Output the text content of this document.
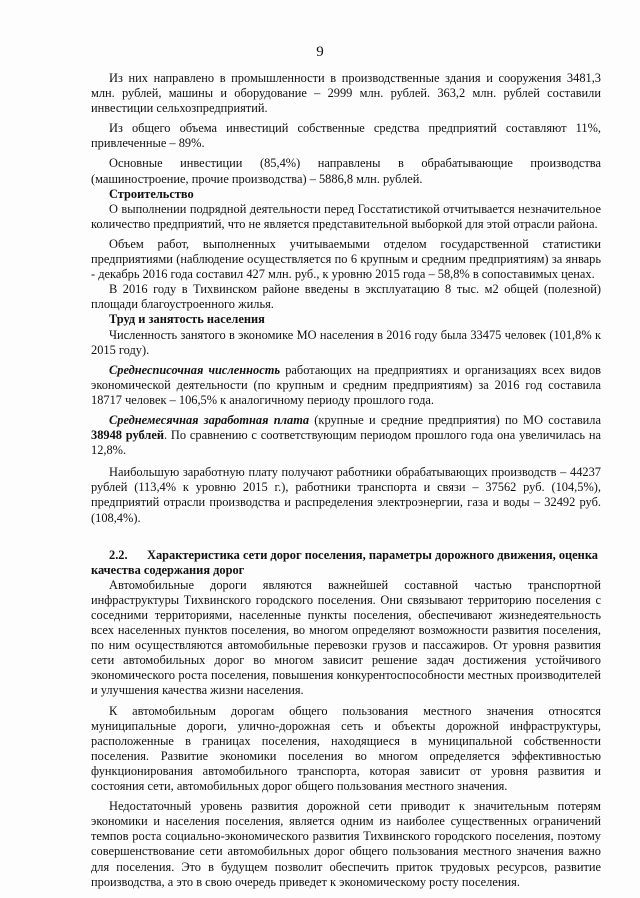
9

Из них направлено в промышленности в производственные здания и сооружения 3481,3 млн. рублей, машины и оборудование – 2999 млн. рублей. 363,2 млн. рублей составили инвестиции сельхозпредприятий.

Из общего объема инвестиций собственные средства предприятий составляют 11%, привлеченные – 89%.

Основные инвестиции (85,4%) направлены в обрабатывающие производства (машиностроение, прочие производства) – 5886,8 млн. рублей.

Строительство

О выполнении подрядной деятельности перед Госстатистикой отчитывается незначительное количество предприятий, что не является представительной выборкой для этой отрасли района.

Объем работ, выполненных учитываемыми отделом государственной статистики предприятиями (наблюдение осуществляется по 6 крупным и средним предприятиям) за январь - декабрь 2016 года составил 427 млн. руб., к уровню 2015 года – 58,8% в сопоставимых ценах.

В 2016 году в Тихвинском районе введены в эксплуатацию 8 тыс. м2 общей (полезной) площади благоустроенного жилья.

Труд и занятость населения

Численность занятого в экономике МО населения в 2016 году была 33475 человек (101,8% к 2015 году).

Среднесписочная численность работающих на предприятиях и организациях всех видов экономической деятельности (по крупным и средним предприятиям) за 2016 год составила 18717 человек – 106,5% к аналогичному периоду прошлого года.

Среднемесячная заработная плата (крупные и средние предприятия) по МО составила 38948 рублей. По сравнению с соответствующим периодом прошлого года она увеличилась на 12,8%.

Наибольшую заработную плату получают работники обрабатывающих производств – 44237 рублей (113,4% к уровню 2015 г.), работники транспорта и связи – 37562 руб. (104,5%), предприятий отрасли производства и распределения электроэнергии, газа и воды – 32492 руб. (108,4%).

2.2. Характеристика сети дорог поселения, параметры дорожного движения, оценка
качества содержания дорог

Автомобильные дороги являются важнейшей составной частью транспортной инфраструктуры Тихвинского городского поселения. Они связывают территорию поселения с соседними территориями, населенные пункты поселения, обеспечивают жизнедеятельность всех населенных пунктов поселения, во многом определяют возможности развития поселения, по ним осуществляются автомобильные перевозки грузов и пассажиров. От уровня развития сети автомобильных дорог во многом зависит решение задач достижения устойчивого экономического роста поселения, повышения конкурентоспособности местных производителей и улучшения качества жизни населения.

К автомобильным дорогам общего пользования местного значения относятся муниципальные дороги, улично-дорожная сеть и объекты дорожной инфраструктуры, расположенные в границах поселения, находящиеся в муниципальной собственности поселения. Развитие экономики поселения во многом определяется эффективностью функционирования автомобильного транспорта, которая зависит от уровня развития и состояния сети, автомобильных дорог общего пользования местного значения.

Недостаточный уровень развития дорожной сети приводит к значительным потерям экономики и населения поселения, является одним из наиболее существенных ограничений темпов роста социально-экономического развития Тихвинского городского поселения, поэтому совершенствование сети автомобильных дорог общего пользования местного значения важно для поселения. Это в будущем позволит обеспечить приток трудовых ресурсов, развитие производства, а это в свою очередь приведет к экономическому росту поселения.
